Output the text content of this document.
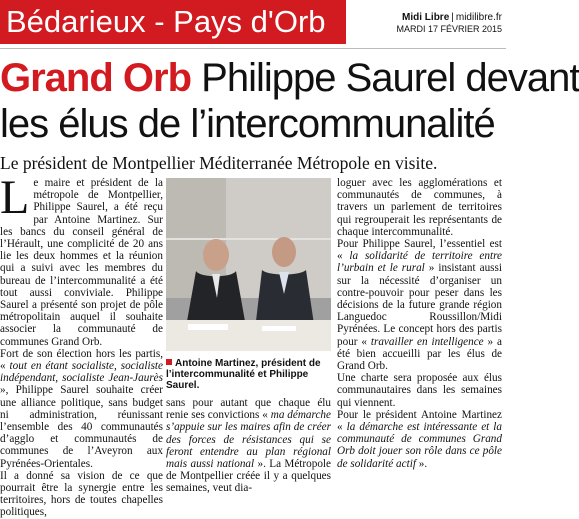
Bédarieux - Pays d'Orb	Midi Libre | midilibre.fr
MARDI 17 FÉVRIER 2015
Grand Orb Philippe Saurel devant
les élus de l’intercommunalité
Le président de Montpellier Méditerranée Métropole en visite.

Le maire et président de la métropole de Montpellier, Philippe Saurel, a été reçu par Antoine Martinez. Sur les bancs du conseil général de l’Hérault, une complicité de 20 ans lie les deux hommes et la réunion qui a suivi avec les membres du bureau de l’intercommunalité a été tout aussi conviviale. Philippe Saurel a présenté son projet de pôle métropolitain auquel il souhaite associer la communauté de communes Grand Orb.

Fort de son élection hors les partis, « tout en étant socialiste, socialiste indépendant, socialiste Jean-Jaurès », Philippe Saurel souhaite créer une alliance politique, sans budget ni administration, réunissant l’ensemble des 40 communautés d’agglo et communautés de communes de l’Aveyron aux Pyrénées-Orientales.

Il a donné sa vision de ce que pourrait être la synergie entre les territoires, hors de toutes chapelles politiques,

Antoine Martinez, président de l’intercommunalité et Philippe Saurel.

sans pour autant que chaque élu renie ses convictions « ma démarche s’appuie sur les maires afin de créer des forces de résistances qui se feront entendre au plan régional mais aussi national ». La Métropole de Montpellier créée il y a quelques semaines, veut dia-

loguer avec les agglomérations et communautés de communes, à travers un parlement de territoires qui regrouperait les représentants de chaque intercommunalité.

Pour Philippe Saurel, l’essentiel est « la solidarité de territoire entre l’urbain et le rural » insistant aussi sur la nécessité d’organiser un contre-pouvoir pour peser dans les décisions de la future grande région Languedoc Roussillon/Midi Pyrénées. Le concept hors des partis pour « travailler en intelligence » a été bien accueilli par les élus de Grand Orb.

Une charte sera proposée aux élus communautaires dans les semaines qui viennent.

Pour le président Antoine Martinez « la démarche est intéressante et la communauté de communes Grand Orb doit jouer son rôle dans ce pôle de solidarité actif ».
